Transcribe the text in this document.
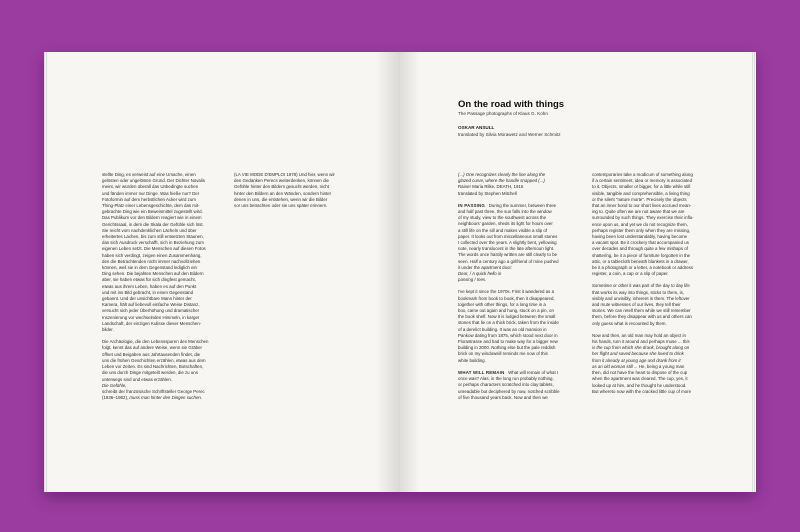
stellte Ding, es verweist auf eine Ursache, einen
gelösten oder ungelösten Grund. Der Dichter Novalis
meint, wir würden überall das Unbedingte suchen
und fänden immer nur Dinge. Was hieße nur? Der
Fotoformin auf dem herbstlichen Acker wird zum
Thing-Platz einer Lebensgeschichte, dem das mit-
gebrachte Ding wie ein Beweismittel zugestellt wird.
Das Publikum vor den Bildern reagiert wie in einem
Gerichtssaal, in dem die Skala der Gefühle sich löst.
Sie reicht vom nachdenklichen Lächeln und über
erheitertes Lachen, bis zum still entsetzten Staunen,
das sich Ausdruck verschafft, sich in Beziehung zum
eigenen Leben setzt. Die Menschen auf diesen Fotos
haben sich verdingt, zeigen einen Zusammenhang,
den die Betrachtenden nicht immer nachvollziehen
können, weil sie in dem Gegenstand lediglich ein
Ding sehen. Die bejahten Menschen auf den Bildern
aber, sie haben etwas für sich dingfest gemacht,
etwas aus ihrem Leben, haben es auf den Punkt
und mit ins Bild gebracht, in einen Gegenstand
gebannt. Und der unsichtbare Mann hinter der
Kamera, hält auf liebevoll einfache Weise Distanz,
versucht sich jeder Überhöhung und dramatischer
Inszenierung vor wechselnden Himmeln, in karger
Landschaft, der einzigen Kulisse dieser Menschen-
bilder.

Die Archäologie, die den Lebensspuren des Menschen
folgt, kennt das auf andere Weise, wenn sie Gräber
öffnet und Beigaben aus Jahrtausenden findet, die
uns die frühen Geschichten erzählen, etwas aus dem
Leben vor Zeiten. Es sind Nachrichten, Botschaften,
die uns durch Dinge mitgeteilt werden, die zu uns
unterwegs sind und etwas erzählen.
Die Gefühle,
schreibt der französische Schriftsteller George Perec
(1936–1982), muss man hinter den Dingen suchen.

(LA VIE MODE D'EMPLOI 1978) Und hier, wenn wir
den Gedanken Perecs weiterdenken, können die
Gefühle hinter den Bildern gesucht werden, nicht
hinter den Bildern an den Wänden, sondern hinter
denen in uns, die entstehen, wenn wir die Bilder
vor uns betrachten oder sie uns später erinnern.

On the road with things
The Passage photographs of Klaus G. Kohn
OSKAR ANSULL
translated by Silvia Morawetz and Werner Schmitz

(...) One recognizes clearly the line along the
glazed curve, where the handle snapped (...)
Rainer Maria Rilke, DEATH, 1915
translated by Stephen Mitchell

IN PASSING During the summer, between three
and half past three, the sun falls into the window
of my study, view to the southwest across the
neighbours' garden, sheds its light for hours over
a still life on the sill and makes visible a slip of
paper. It looks out from miscellaneous small stones
I collected over the years. A slightly bent, yellowing
note, nearly translucent in the late afternoon light.
The words once hastily written are still clearly to be
seen. Half a century ago a girlfriend of mine pushed
it under the apartment door:
Dear, / A quick hello in
passing / Ines.

I've kept it since the 1970s. First it wandered as a
bookmark from book to book, then it disappeared,
together with other things, for a long time in a
box, came out again and hung, stuck on a pin, on
the book shelf. Now it is lodged between the small
stones that lie on a thick brick, taken from the inside
of a derelict building. It was an old mansion in
Pankow dating from 1875, which stood next door in
Florastrasse and had to make way for a bigger new
building in 2000. Nothing else but the pale reddish
brick on my windowsill reminds me now of this
white building.

WHAT WILL REMAIN What will remain of what I
once was? Alas, in the long run probably nothing,
or perhaps characters scratched into clay tablets,
unreadable but deciphered by now, notched scribble
of five thousand years back. Now and then we

contemporaries take a modicum of something along
if a certain sentiment, idea or memory is associated
to it. Objects, smaller or bigger, for a little while still
visible, tangible and comprehensible, a living thing
or the silent "nature morte". Precisely the objects
that an inner bond to our short lives accrued mean-
ing to. Quite often we are not aware that we are
surrounded by such things. They exercise their influ-
ence upon us, and yet we do not recognize them,
perhaps register them only when they are missing,
having been lost understandably, having become
a vacant spot. Be it crockery that accompanied us
over decades and through quite a few mishaps of
shattering, be it a piece of furniture forgotten in the
attic, or a tablecloth beneath blankets in a drawer,
be it a photograph or a letter, a notebook or address
register, a coin, a cap or a slip of paper.

Sometime or other it was part of the day to day life
that works its way into things, sticks to them, is,
visibly and unvisibly, inherent in them. The leftover
and mute witnesses of our lives, they tell their
stories. We can retell them while we still remember
them, before they disappear with us and others can
only guess what is recounted by them.

Now and then, an old man may hold an object in
his hands, turn it around and perhaps muse ... this
is the cup from which she drank, brought along on
her flight and saved because she loved to drink
from it already at young age and drank from it
as an old woman still ... He, being a young man
then, did not have the heart to dispose of the cup
when the apartment was cleared. The cup, yes, it
looked up at him, and he thought he understood.
But whereto now with the cracked little cup of more
